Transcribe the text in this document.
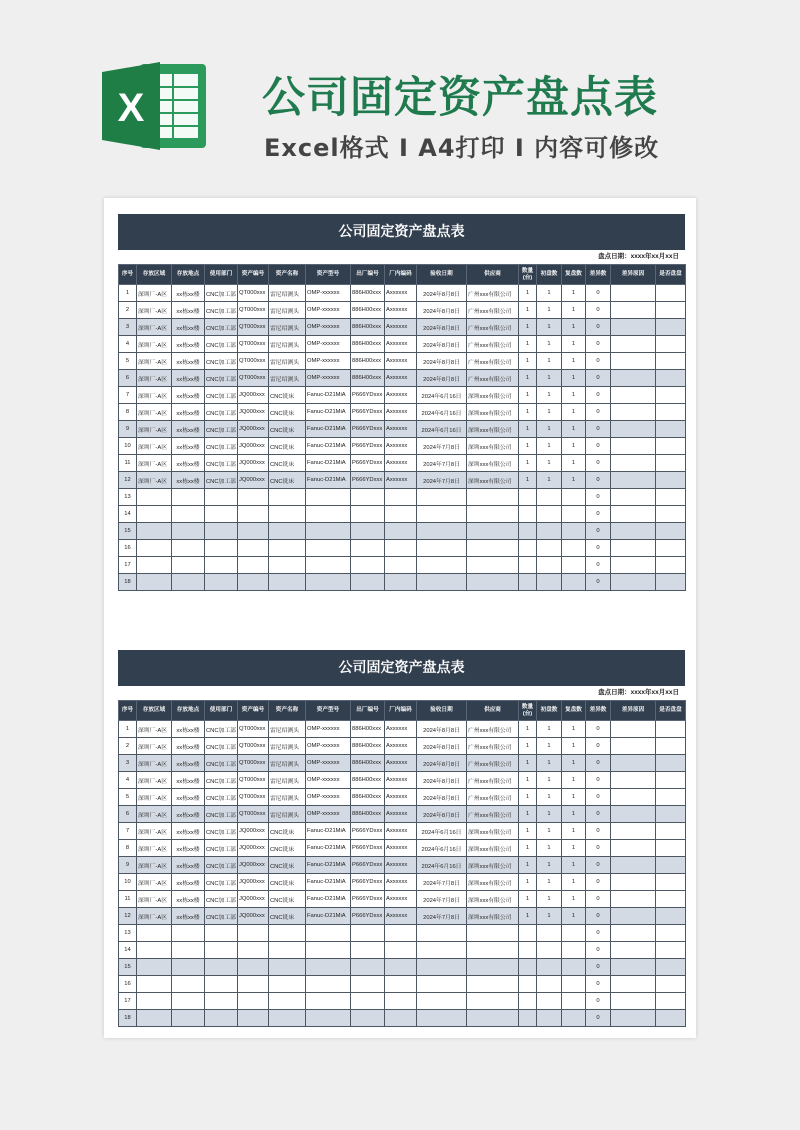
X	公司固定资产盘点表
Excel格式 I A4打印 I 内容可修改
公司固定资产盘点表
盘点日期：xxxx年xx月xx日
序号	存放区域	存放地点	使用部门	资产编号	资产名称	资产型号	出厂编号	厂内编码	验收日期	供应商	数量(台)	初盘数	复盘数	差异数	差异原因	是否盘盘
1	深圳厂-A区	xx栋xx楼	CNC加工部	QT000xxx	雷尼绍测头	OMP-xxxxxx	886H00xxx	Axxxxxx	2024年8月8日	广州xxx有限公司	1	1	1	0		
2	深圳厂-A区	xx栋xx楼	CNC加工部	QT000xxx	雷尼绍测头	OMP-xxxxxx	886H00xxx	Axxxxxx	2024年8月8日	广州xxx有限公司	1	1	1	0		
3	深圳厂-A区	xx栋xx楼	CNC加工部	QT000xxx	雷尼绍测头	OMP-xxxxxx	886H00xxx	Axxxxxx	2024年8月8日	广州xxx有限公司	1	1	1	0		
4	深圳厂-A区	xx栋xx楼	CNC加工部	QT000xxx	雷尼绍测头	OMP-xxxxxx	886H00xxx	Axxxxxx	2024年8月8日	广州xxx有限公司	1	1	1	0		
5	深圳厂-A区	xx栋xx楼	CNC加工部	QT000xxx	雷尼绍测头	OMP-xxxxxx	886H00xxx	Axxxxxx	2024年8月8日	广州xxx有限公司	1	1	1	0		
6	深圳厂-A区	xx栋xx楼	CNC加工部	QT000xxx	雷尼绍测头	OMP-xxxxxx	886H00xxx	Axxxxxx	2024年8月8日	广州xxx有限公司	1	1	1	0		
7	深圳厂-A区	xx栋xx楼	CNC加工部	JQ000xxx	CNC铣床	Fanuc-D21MiA	P666YDxxx	Axxxxxx	2024年6月16日	深圳xxx有限公司	1	1	1	0		
8	深圳厂-A区	xx栋xx楼	CNC加工部	JQ000xxx	CNC铣床	Fanuc-D21MiA	P666YDxxx	Axxxxxx	2024年6月16日	深圳xxx有限公司	1	1	1	0		
9	深圳厂-A区	xx栋xx楼	CNC加工部	JQ000xxx	CNC铣床	Fanuc-D21MiA	P666YDxxx	Axxxxxx	2024年6月16日	深圳xxx有限公司	1	1	1	0		
10	深圳厂-A区	xx栋xx楼	CNC加工部	JQ000xxx	CNC铣床	Fanuc-D21MiA	P666YDxxx	Axxxxxx	2024年7月8日	深圳xxx有限公司	1	1	1	0		
11	深圳厂-A区	xx栋xx楼	CNC加工部	JQ000xxx	CNC铣床	Fanuc-D21MiA	P666YDxxx	Axxxxxx	2024年7月8日	深圳xxx有限公司	1	1	1	0		
12	深圳厂-A区	xx栋xx楼	CNC加工部	JQ000xxx	CNC铣床	Fanuc-D21MiA	P666YDxxx	Axxxxxx	2024年7月8日	深圳xxx有限公司	1	1	1	0		
13														0		
14														0		
15														0		
16														0		
17														0		
18														0		
公司固定资产盘点表
盘点日期：xxxx年xx月xx日
序号	存放区域	存放地点	使用部门	资产编号	资产名称	资产型号	出厂编号	厂内编码	验收日期	供应商	数量(台)	初盘数	复盘数	差异数	差异原因	是否盘盘
1	深圳厂-A区	xx栋xx楼	CNC加工部	QT000xxx	雷尼绍测头	OMP-xxxxxx	886H00xxx	Axxxxxx	2024年8月8日	广州xxx有限公司	1	1	1	0		
2	深圳厂-A区	xx栋xx楼	CNC加工部	QT000xxx	雷尼绍测头	OMP-xxxxxx	886H00xxx	Axxxxxx	2024年8月8日	广州xxx有限公司	1	1	1	0		
3	深圳厂-A区	xx栋xx楼	CNC加工部	QT000xxx	雷尼绍测头	OMP-xxxxxx	886H00xxx	Axxxxxx	2024年8月8日	广州xxx有限公司	1	1	1	0		
4	深圳厂-A区	xx栋xx楼	CNC加工部	QT000xxx	雷尼绍测头	OMP-xxxxxx	886H00xxx	Axxxxxx	2024年8月8日	广州xxx有限公司	1	1	1	0		
5	深圳厂-A区	xx栋xx楼	CNC加工部	QT000xxx	雷尼绍测头	OMP-xxxxxx	886H00xxx	Axxxxxx	2024年8月8日	广州xxx有限公司	1	1	1	0		
6	深圳厂-A区	xx栋xx楼	CNC加工部	QT000xxx	雷尼绍测头	OMP-xxxxxx	886H00xxx	Axxxxxx	2024年8月8日	广州xxx有限公司	1	1	1	0		
7	深圳厂-A区	xx栋xx楼	CNC加工部	JQ000xxx	CNC铣床	Fanuc-D21MiA	P666YDxxx	Axxxxxx	2024年6月16日	深圳xxx有限公司	1	1	1	0		
8	深圳厂-A区	xx栋xx楼	CNC加工部	JQ000xxx	CNC铣床	Fanuc-D21MiA	P666YDxxx	Axxxxxx	2024年6月16日	深圳xxx有限公司	1	1	1	0		
9	深圳厂-A区	xx栋xx楼	CNC加工部	JQ000xxx	CNC铣床	Fanuc-D21MiA	P666YDxxx	Axxxxxx	2024年6月16日	深圳xxx有限公司	1	1	1	0		
10	深圳厂-A区	xx栋xx楼	CNC加工部	JQ000xxx	CNC铣床	Fanuc-D21MiA	P666YDxxx	Axxxxxx	2024年7月8日	深圳xxx有限公司	1	1	1	0		
11	深圳厂-A区	xx栋xx楼	CNC加工部	JQ000xxx	CNC铣床	Fanuc-D21MiA	P666YDxxx	Axxxxxx	2024年7月8日	深圳xxx有限公司	1	1	1	0		
12	深圳厂-A区	xx栋xx楼	CNC加工部	JQ000xxx	CNC铣床	Fanuc-D21MiA	P666YDxxx	Axxxxxx	2024年7月8日	深圳xxx有限公司	1	1	1	0		
13														0		
14														0		
15														0		
16														0		
17														0		
18														0		
